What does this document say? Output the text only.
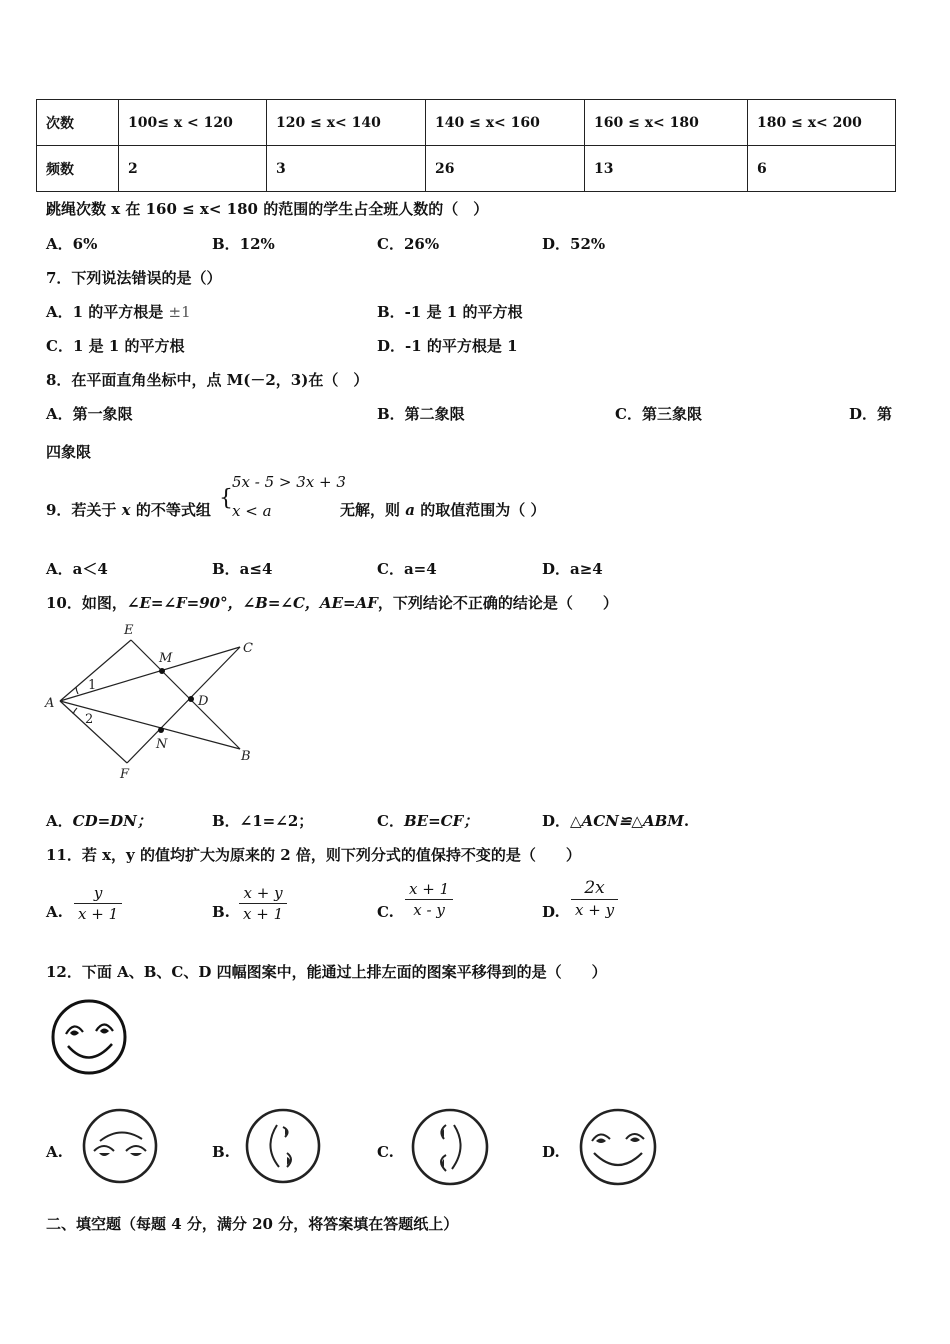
次数	100≤ x < 120	120 ≤ x< 140	140 ≤ x< 160	160 ≤ x< 180	180 ≤ x< 200
频数	2	3	26	13	6
跳绳次数 x 在 160 ≤ x< 180 的范围的学生占全班人数的（　）
A．6%	B．12%	C．26%	D．52%
7．下列说法错误的是（）
A．1 的平方根是 ±1	B．-1 是 1 的平方根
C．1 是 1 的平方根	D．-1 的平方根是 1
8．在平面直角坐标中，点 M(－2，3)在（　）
A．第一象限	B．第二象限	C．第三象限	D．第
四象限
9．若关于 x 的不等式组 {
5x - 5 > 3x + 3
x < a	无解，则 a 的取值范围为（ ）
A．a＜4	B．a≤4	C．a=4	D．a≥4
10．如图，∠E=∠F=90°，∠B=∠C，AE=AF，下列结论不正确的结论是（　　）
E
M
C
A
1
D
2
N
B
F
A．CD=DN；	B．∠1=∠2；	C．BE=CF；	D．△ACN≌△ABM.
11．若 x，y 的值均扩大为原来的 2 倍，则下列分式的值保持不变的是（　　）
A. $\frac{y}{x + 1}$	B. $\frac{x + y}{x + 1}$	C. $\frac{x + 1}{x - y}$	D. $\frac{2x}{x + y}$
12．下面 A、B、C、D 四幅图案中，能通过上排左面的图案平移得到的是（　　）
A.	B.	C.	D.
二、填空题（每题 4 分，满分 20 分，将答案填在答题纸上）
